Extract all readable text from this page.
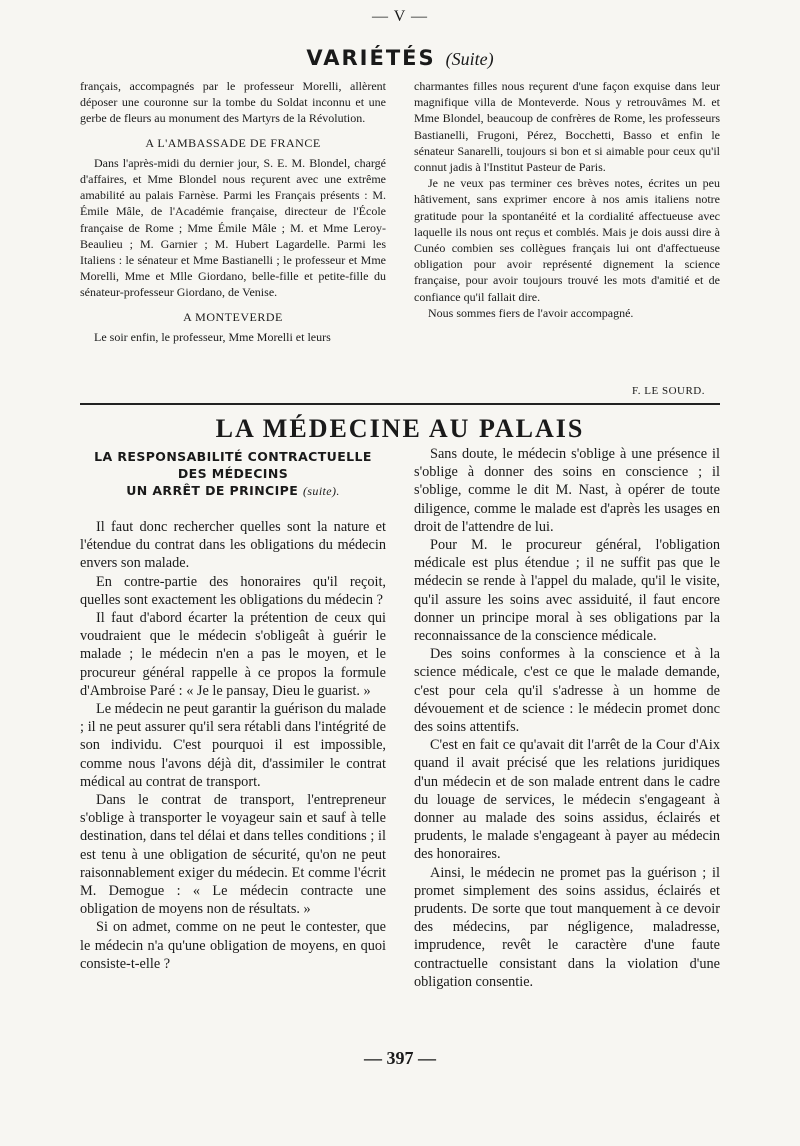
— V —
VARIÉTÉS (Suite)

français, accompagnés par le professeur Morelli, allèrent déposer une couronne sur la tombe du Soldat inconnu et une gerbe de fleurs au monument des Martyrs de la Révolution.

A L'AMBASSADE DE FRANCE

Dans l'après-midi du dernier jour, S. E. M. Blondel, chargé d'affaires, et Mme Blondel nous reçurent avec une extrême amabilité au palais Farnèse. Parmi les Français présents : M. Émile Mâle, de l'Académie française, directeur de l'École française de Rome ; Mme Émile Mâle ; M. et Mme Leroy-Beaulieu ; M. Garnier ; M. Hubert Lagardelle. Parmi les Italiens : le sénateur et Mme Bastianelli ; le professeur et Mme Morelli, Mme et Mlle Giordano, belle-fille et petite-fille du sénateur-professeur Giordano, de Venise.

A MONTEVERDE

Le soir enfin, le professeur, Mme Morelli et leurs

charmantes filles nous reçurent d'une façon exquise dans leur magnifique villa de Monteverde. Nous y retrouvâmes M. et Mme Blondel, beaucoup de confrères de Rome, les professeurs Bastianelli, Frugoni, Pérez, Bocchetti, Basso et enfin le sénateur Sanarelli, toujours si bon et si aimable pour ceux qu'il connut jadis à l'Institut Pasteur de Paris.

Je ne veux pas terminer ces brèves notes, écrites un peu hâtivement, sans exprimer encore à nos amis italiens notre gratitude pour la spontanéité et la cordialité affectueuse avec laquelle ils nous ont reçus et comblés. Mais je dois aussi dire à Cunéo combien ses collègues français lui ont d'affectueuse obligation pour avoir représenté dignement la science française, pour avoir toujours trouvé les mots d'amitié et de confiance qu'il fallait dire.

Nous sommes fiers de l'avoir accompagné.

F. LE SOURD.
LA MÉDECINE AU PALAIS
LA RESPONSABILITÉ CONTRACTUELLE
DES MÉDECINS
UN ARRÊT DE PRINCIPE (suite).

Il faut donc rechercher quelles sont la nature et l'étendue du contrat dans les obligations du médecin envers son malade.

En contre-partie des honoraires qu'il reçoit, quelles sont exactement les obligations du médecin ?

Il faut d'abord écarter la prétention de ceux qui voudraient que le médecin s'obligeât à guérir le malade ; le médecin n'en a pas le moyen, et le procureur général rappelle à ce propos la formule d'Ambroise Paré : « Je le pansay, Dieu le guarist. »

Le médecin ne peut garantir la guérison du malade ; il ne peut assurer qu'il sera rétabli dans l'intégrité de son individu. C'est pourquoi il est impossible, comme nous l'avons déjà dit, d'assimiler le contrat médical au contrat de transport.

Dans le contrat de transport, l'entrepreneur s'oblige à transporter le voyageur sain et sauf à telle destination, dans tel délai et dans telles conditions ; il est tenu à une obligation de sécurité, qu'on ne peut raisonnablement exiger du médecin. Et comme l'écrit M. Demogue : « Le médecin contracte une obligation de moyens non de résultats. »

Si on admet, comme on ne peut le contester, que le médecin n'a qu'une obligation de moyens, en quoi consiste-t-elle ?

Sans doute, le médecin s'oblige à une présence il s'oblige à donner des soins en conscience ; il s'oblige, comme le dit M. Nast, à opérer de toute diligence, comme le malade est d'après les usages en droit de l'attendre de lui.

Pour M. le procureur général, l'obligation médicale est plus étendue ; il ne suffit pas que le médecin se rende à l'appel du malade, qu'il le visite, qu'il assure les soins avec assiduité, il faut encore donner un principe moral à ses obligations par la reconnaissance de la conscience médicale.

Des soins conformes à la conscience et à la science médicale, c'est ce que le malade demande, c'est pour cela qu'il s'adresse à un homme de dévouement et de science : le médecin promet donc des soins attentifs.

C'est en fait ce qu'avait dit l'arrêt de la Cour d'Aix quand il avait précisé que les relations juridiques d'un médecin et de son malade entrent dans le cadre du louage de services, le médecin s'engageant à donner au malade des soins assidus, éclairés et prudents, le malade s'engageant à payer au médecin des honoraires.

Ainsi, le médecin ne promet pas la guérison ; il promet simplement des soins assidus, éclairés et prudents. De sorte que tout manquement à ce devoir des médecins, par négligence, maladresse, imprudence, revêt le caractère d'une faute contractuelle consistant dans la violation d'une obligation consentie.

— 397 —
